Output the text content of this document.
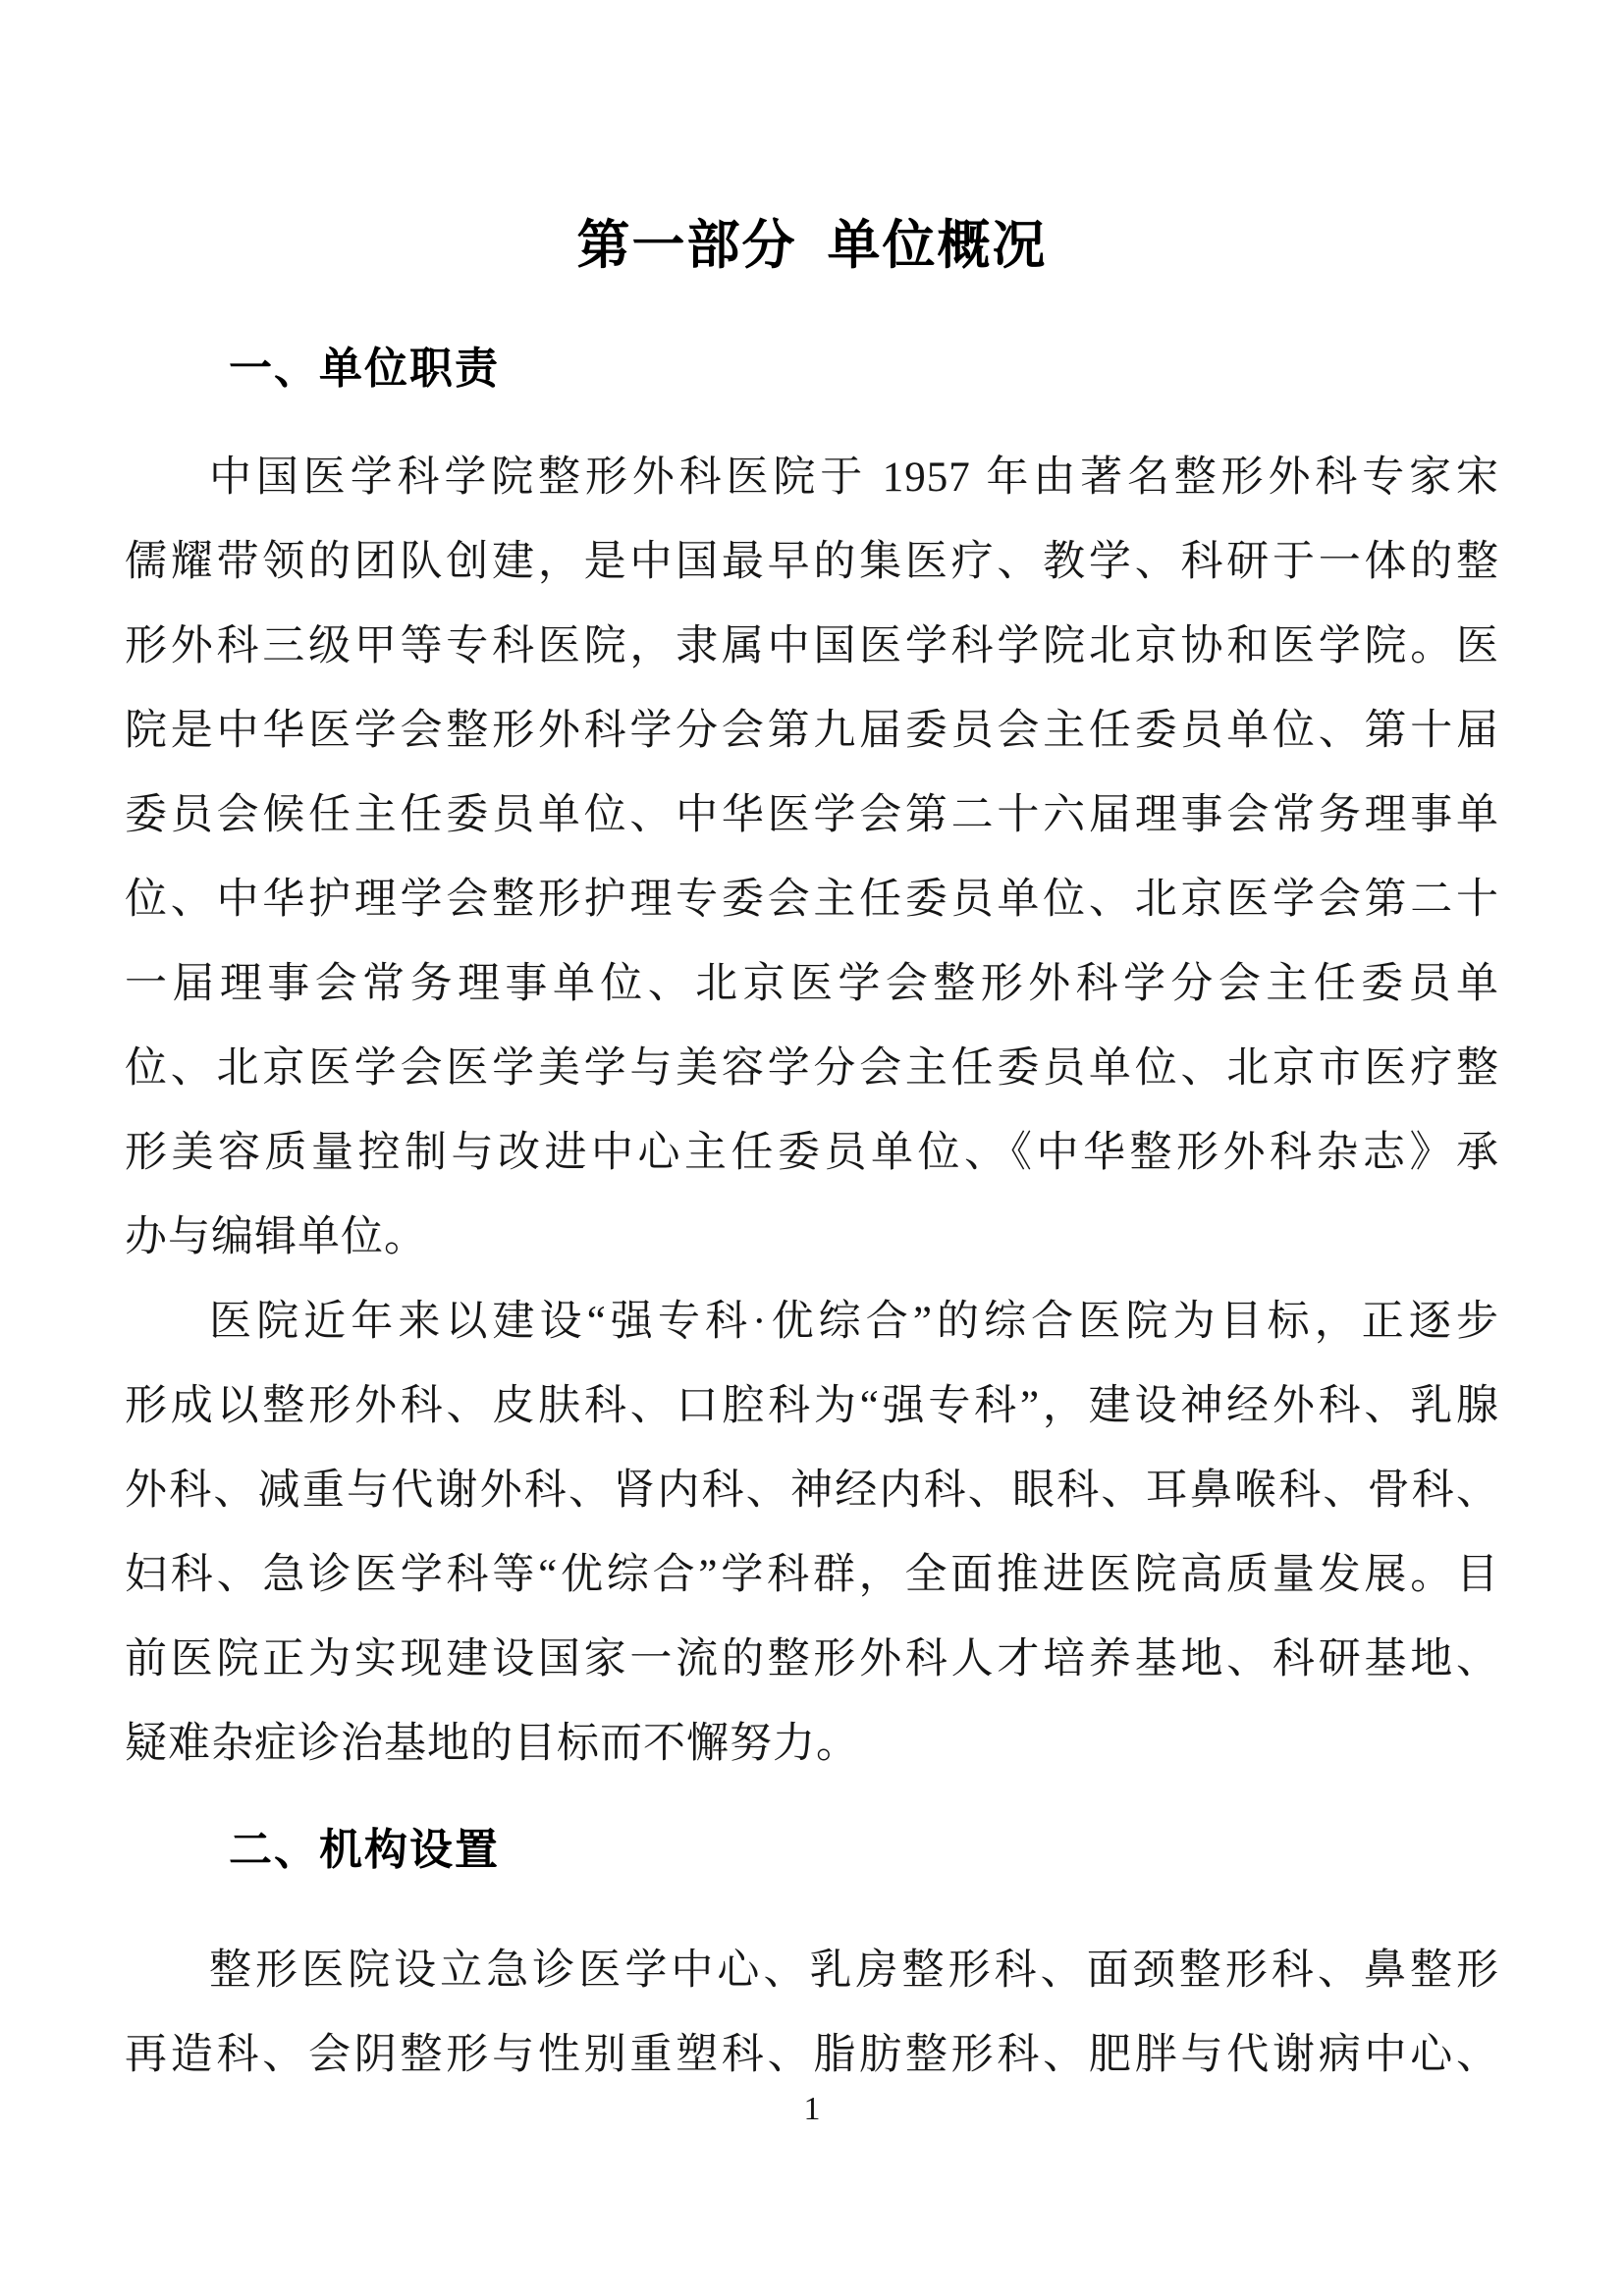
第一部分 单位概况
一、单位职责
中国医学科学院整形外科医院于 1957 年由著名整形外科专家宋
儒耀带领的团队创建，是中国最早的集医疗、教学、科研于一体的整
形外科三级甲等专科医院，隶属中国医学科学院北京协和医学院。医
院是中华医学会整形外科学分会第九届委员会主任委员单位、第十届
委员会候任主任委员单位、中华医学会第二十六届理事会常务理事单
位、中华护理学会整形护理专委会主任委员单位、北京医学会第二十
一届理事会常务理事单位、北京医学会整形外科学分会主任委员单
位、北京医学会医学美学与美容学分会主任委员单位、北京市医疗整
形美容质量控制与改进中心主任委员单位、《中华整形外科杂志》承
办与编辑单位。
医院近年来以建设“强专科·优综合”的综合医院为目标，正逐步
形成以整形外科、皮肤科、口腔科为“强专科”，建设神经外科、乳腺
外科、减重与代谢外科、肾内科、神经内科、眼科、耳鼻喉科、骨科、
妇科、急诊医学科等“优综合”学科群，全面推进医院高质量发展。目
前医院正为实现建设国家一流的整形外科人才培养基地、科研基地、
疑难杂症诊治基地的目标而不懈努力。
二、机构设置
整形医院设立急诊医学中心、乳房整形科、面颈整形科、鼻整形
再造科、会阴整形与性别重塑科、脂肪整形科、肥胖与代谢病中心、
1
